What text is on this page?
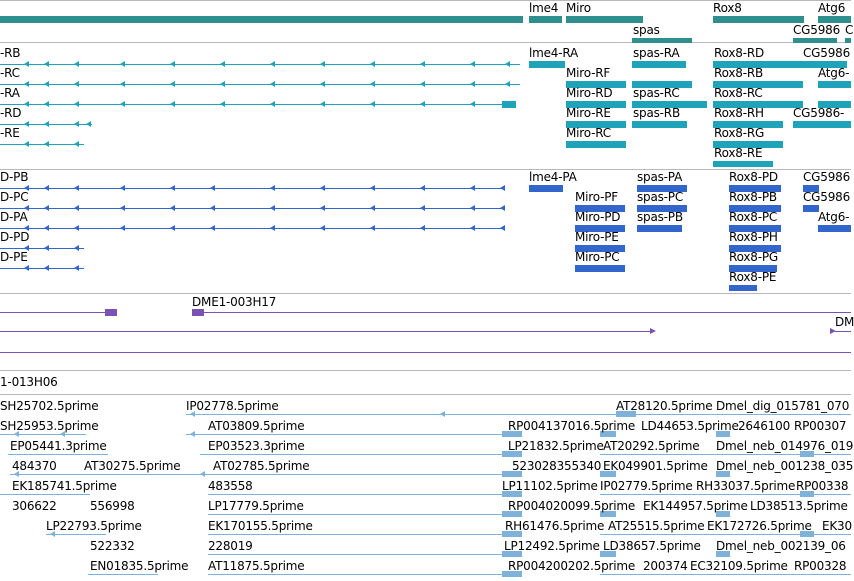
lme4 Miro
spas
Rox8	Atg6
CG5986 C
-RB
-RC
-RA
-RD
-RE
lme4-RA	spas-RA	Rox8-RD	CG5986
Miro-RF	Rox8-RB	Atg6-
Miro-RD spas-RC	Rox8-RC
Miro-RE spas-RB	Rox8-RH CG5986-
Miro-RC	Rox8-RG
Rox8-RE
D-PB
D-PC
D-PA
D-PD
D-PE
lme4-PA	spas-PA	Rox8-PD CG5986
Miro-PF spas-PC	Rox8-PB CG5986
Miro-PD spas-PB	Rox8-PC	Atg6-
Miro-PE	Rox8-PH
Miro-PC	Rox8-PG
Rox8-PE
DME1-003H17
DM
1-013H06
SH25702.5prime	IP02778.5prime	AT28120.5prime Dmel_dig_015781_070
SH25953.5prime	AT03809.5prime	RP004137016.5prime LD44653.5prime 2646100 RP00307
EP05441.3prime	EP03523.3prime	LP21832.5prime AT20292.5prime Dmel_neb_014976_019
484370 AT30275.5prime	AT02785.5prime	523028355340 EK049901.5prime Dmel_neb_001238_035
EK185741.5prime	483558	LP11102.5prime IP02779.5prime RH33037.5prime RP00338
306622	556998	LP17779.5prime	RP004020099.5prime EK144957.5prime LD38513.5prime
LP22793.5prime	EK170155.5prime	RH61476.5prime AT25515.5prime EK172726.5prime EK30
522332	228019	LP12492.5prime LD38657.5prime Dmel_neb_002139_06
EN01835.5prime AT11875.5prime	RP004200202.5prime 200374 EC32109.5prime RP00328
